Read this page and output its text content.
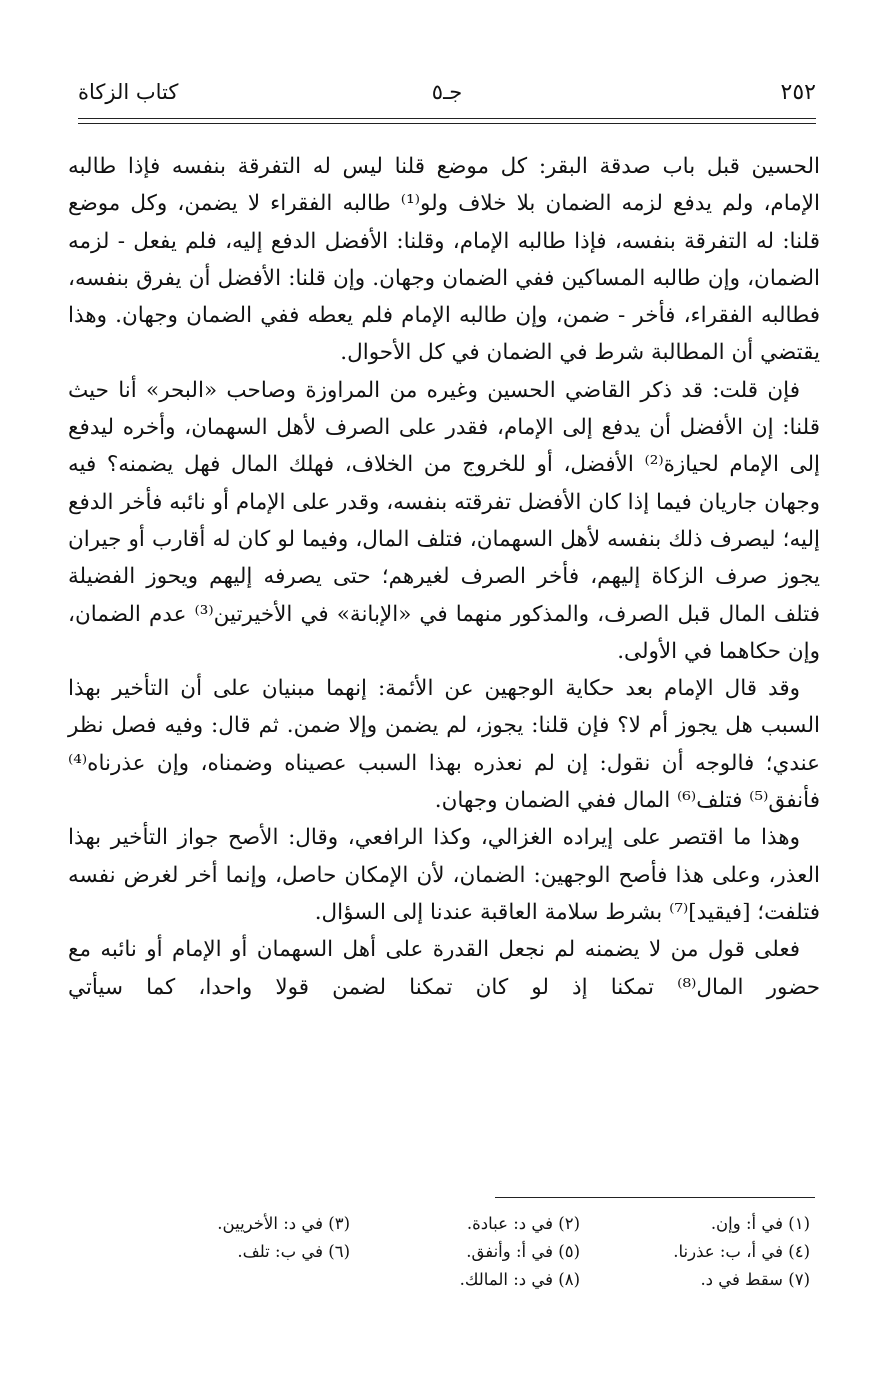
٢٥٢
جـ٥
كتاب الزكاة

الحسين قبل باب صدقة البقر: كل موضع قلنا ليس له التفرقة بنفسه فإذا طالبه الإمام، ولم يدفع لزمه الضمان بلا خلاف ولو⁽¹⁾ طالبه الفقراء لا يضمن، وكل موضع قلنا: له التفرقة بنفسه، فإذا طالبه الإمام، وقلنا: الأفضل الدفع إليه، فلم يفعل - لزمه الضمان، وإن طالبه المساكين ففي الضمان وجهان. وإن قلنا: الأفضل أن يفرق بنفسه، فطالبه الفقراء، فأخر - ضمن، وإن طالبه الإمام فلم يعطه ففي الضمان وجهان. وهذا يقتضي أن المطالبة شرط في الضمان في كل الأحوال.

فإن قلت: قد ذكر القاضي الحسين وغيره من المراوزة وصاحب «البحر» أنا حيث قلنا: إن الأفضل أن يدفع إلى الإمام، فقدر على الصرف لأهل السهمان، وأخره ليدفع إلى الإمام لحيازة⁽²⁾ الأفضل، أو للخروج من الخلاف، فهلك المال فهل يضمنه؟ فيه وجهان جاريان فيما إذا كان الأفضل تفرقته بنفسه، وقدر على الإمام أو نائبه فأخر الدفع إليه؛ ليصرف ذلك بنفسه لأهل السهمان، فتلف المال، وفيما لو كان له أقارب أو جيران يجوز صرف الزكاة إليهم، فأخر الصرف لغيرهم؛ حتى يصرفه إليهم ويحوز الفضيلة فتلف المال قبل الصرف، والمذكور منهما في «الإبانة» في الأخيرتين⁽³⁾ عدم الضمان، وإن حكاهما في الأولى.

وقد قال الإمام بعد حكاية الوجهين عن الأئمة: إنهما مبنيان على أن التأخير بهذا السبب هل يجوز أم لا؟ فإن قلنا: يجوز، لم يضمن وإلا ضمن. ثم قال: وفيه فصل نظر عندي؛ فالوجه أن نقول: إن لم نعذره بهذا السبب عصيناه وضمناه، وإن عذرناه⁽⁴⁾ فأنفق⁽⁵⁾ فتلف⁽⁶⁾ المال ففي الضمان وجهان.

وهذا ما اقتصر على إيراده الغزالي، وكذا الرافعي، وقال: الأصح جواز التأخير بهذا العذر، وعلى هذا فأصح الوجهين: الضمان، لأن الإمكان حاصل، وإنما أخر لغرض نفسه فتلفت؛ [فيقيد]⁽⁷⁾ بشرط سلامة العاقبة عندنا إلى السؤال.

فعلى قول من لا يضمنه لم نجعل القدرة على أهل السهمان أو الإمام أو نائبه مع حضور المال⁽⁸⁾ تمكنا إذ لو كان تمكنا لضمن قولا واحدا، كما سيأتي

(١) في أ: وإن.
(٢) في د: عبادة.
(٣) في د: الأخريين.
(٤) في أ، ب: عذرنا.
(٥) في أ: وأنفق.
(٦) في ب: تلف.
(٧) سقط في د.
(٨) في د: المالك.
